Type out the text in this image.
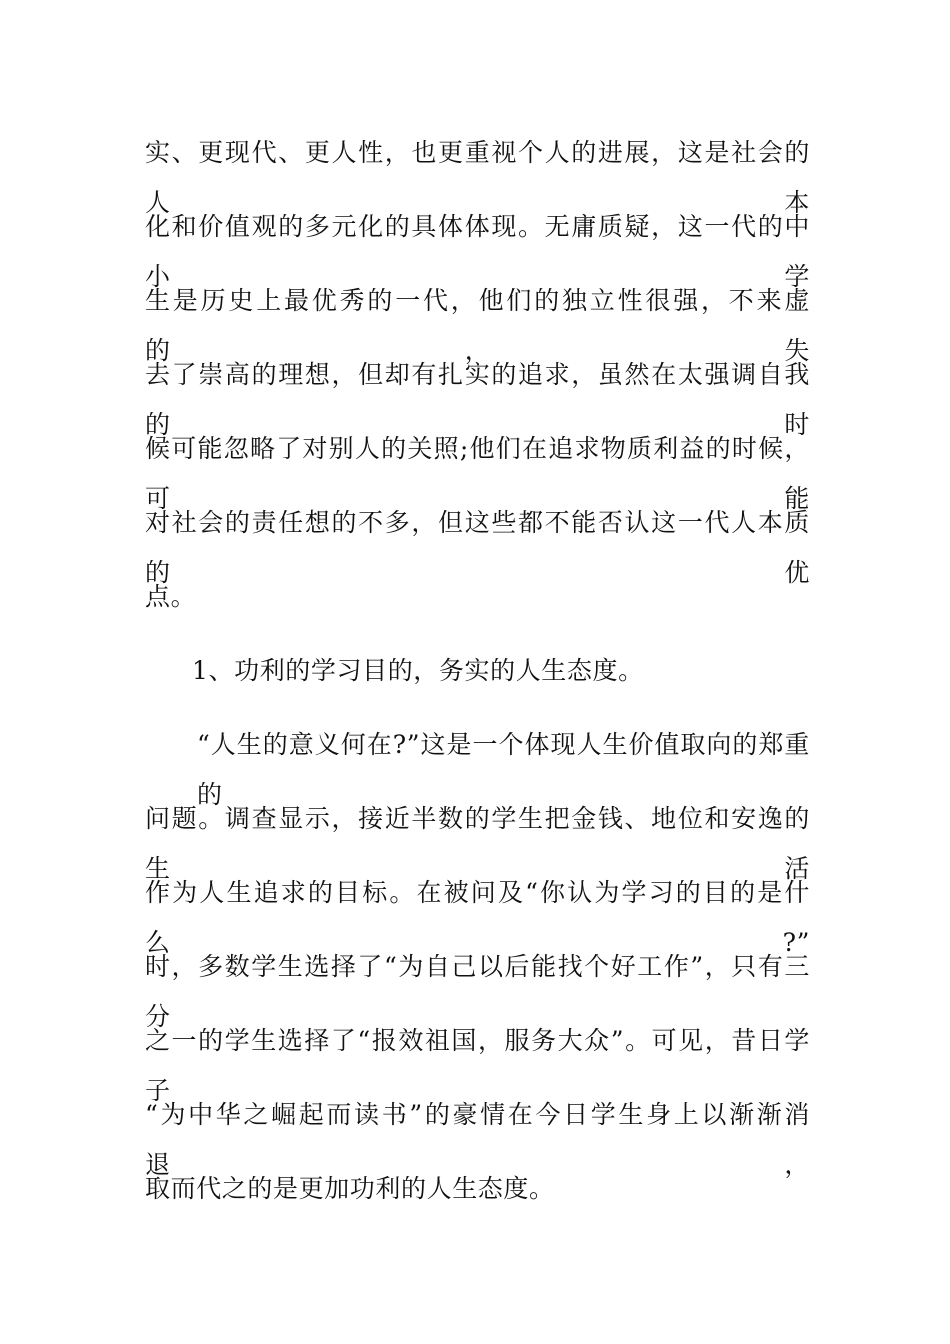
实、更现代、更人性，也更重视个人的进展，这是社会的人本
化和价值观的多元化的具体体现。无庸质疑，这一代的中小学
生是历史上最优秀的一代，他们的独立性很强，不来虚的，失
去了崇高的理想，但却有扎实的追求，虽然在太强调自我的时
候可能忽略了对别人的关照;他们在追求物质利益的时候，可能
对社会的责任想的不多，但这些都不能否认这一代人本质的优
点。
1、功利的学习目的，务实的人生态度。
“人生的意义何在?”这是一个体现人生价值取向的郑重的
问题。调查显示，接近半数的学生把金钱、地位和安逸的生活
作为人生追求的目标。在被问及“你认为学习的目的是什么?”
时，多数学生选择了“为自己以后能找个好工作”，只有三分
之一的学生选择了“报效祖国，服务大众”。可见，昔日学子
“为中华之崛起而读书”的豪情在今日学生身上以渐渐消退，
取而代之的是更加功利的人生态度。
